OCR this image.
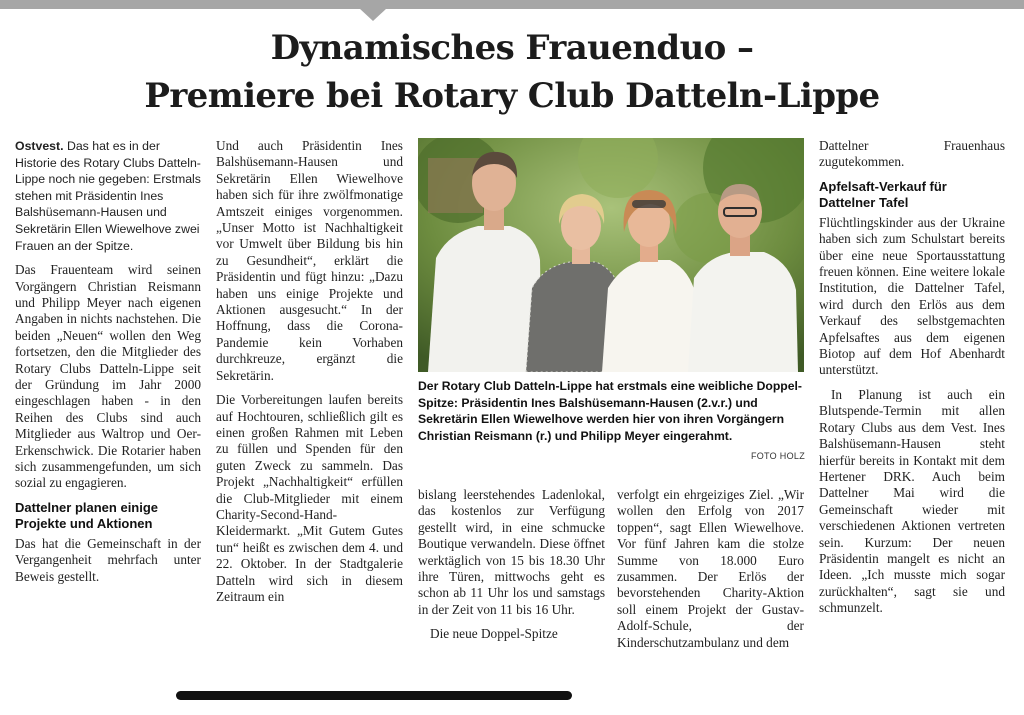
Dynamisches Frauenduo –
Premiere bei Rotary Club Datteln-Lippe

Ostvest. Das hat es in der Historie des Rotary Clubs Datteln-Lippe noch nie gegeben: Erstmals stehen mit Präsidentin Ines Balshüsemann-Hausen und Sekretärin Ellen Wiewelhove zwei Frauen an der Spitze.

Das Frauenteam wird seinen Vorgängern Christian Reismann und Philipp Meyer nach eigenen Angaben in nichts nachstehen. Die beiden „Neuen“ wollen den Weg fortsetzen, den die Mitglieder des Rotary Clubs Datteln-Lippe seit der Gründung im Jahr 2000 eingeschlagen haben - in den Reihen des Clubs sind auch Mitglieder aus Waltrop und Oer-Erkenschwick. Die Rotarier haben sich zusammengefunden, um sich sozial zu engagieren.

Dattelner planen einige Projekte und Aktionen

Das hat die Gemeinschaft in der Vergangenheit mehrfach unter Beweis gestellt.

Und auch Präsidentin Ines Balshüsemann-Hausen und Sekretärin Ellen Wiewelhove haben sich für ihre zwölfmonatige Amtszeit einiges vorgenommen. „Unser Motto ist Nachhaltigkeit vor Umwelt über Bildung bis hin zu Gesundheit“, erklärt die Präsidentin und fügt hinzu: „Dazu haben uns einige Projekte und Aktionen ausgesucht.“ In der Hoffnung, dass die Corona-Pandemie kein Vorhaben durchkreuze, ergänzt die Sekretärin.

Die Vorbereitungen laufen bereits auf Hochtouren, schließlich gilt es einen großen Rahmen mit Leben zu füllen und Spenden für den guten Zweck zu sammeln. Das Projekt „Nachhaltigkeit“ erfüllen die Club-Mitglieder mit einem Charity-Second-Hand-Kleidermarkt. „Mit Gutem Gutes tun“ heißt es zwischen dem 4. und 22. Oktober. In der Stadtgalerie Datteln wird sich in diesem Zeitraum ein

Der Rotary Club Datteln-Lippe hat erstmals eine weibliche Doppel-Spitze: Präsidentin Ines Balshüsemann-Hausen (2.v.r.) und Sekretärin Ellen Wiewelhove werden hier von ihren Vorgängern Christian Reismann (r.) und Philipp Meyer eingerahmt.
FOTO HOLZ

bislang leerstehendes Ladenlokal, das kostenlos zur Verfügung gestellt wird, in eine schmucke Boutique verwandeln. Diese öffnet werktäglich von 15 bis 18.30 Uhr ihre Türen, mittwochs geht es schon ab 11 Uhr los und samstags in der Zeit von 11 bis 16 Uhr.

Die neue Doppel-Spitze

verfolgt ein ehrgeiziges Ziel. „Wir wollen den Erfolg von 2017 toppen“, sagt Ellen Wiewelhove. Vor fünf Jahren kam die stolze Summe von 18.000 Euro zusammen. Der Erlös der bevorstehenden Charity-Aktion soll einem Projekt der Gustav-Adolf-Schule, der Kinderschutzambulanz und dem

Dattelner Frauenhaus zugutekommen.

Apfelsaft-Verkauf für Dattelner Tafel

Flüchtlingskinder aus der Ukraine haben sich zum Schulstart bereits über eine neue Sportausstattung freuen können. Eine weitere lokale Institution, die Dattelner Tafel, wird durch den Erlös aus dem Verkauf des selbstgemachten Apfelsaftes aus dem eigenen Biotop auf dem Hof Abenhardt unterstützt.

In Planung ist auch ein Blutspende-Termin mit allen Rotary Clubs aus dem Vest. Ines Balshüsemann-Hausen steht hierfür bereits in Kontakt mit dem Hertener DRK. Auch beim Dattelner Mai wird die Gemeinschaft wieder mit verschiedenen Aktionen vertreten sein. Kurzum: Der neuen Präsidentin mangelt es nicht an Ideen. „Ich musste mich sogar zurückhalten“, sagt sie und schmunzelt.
